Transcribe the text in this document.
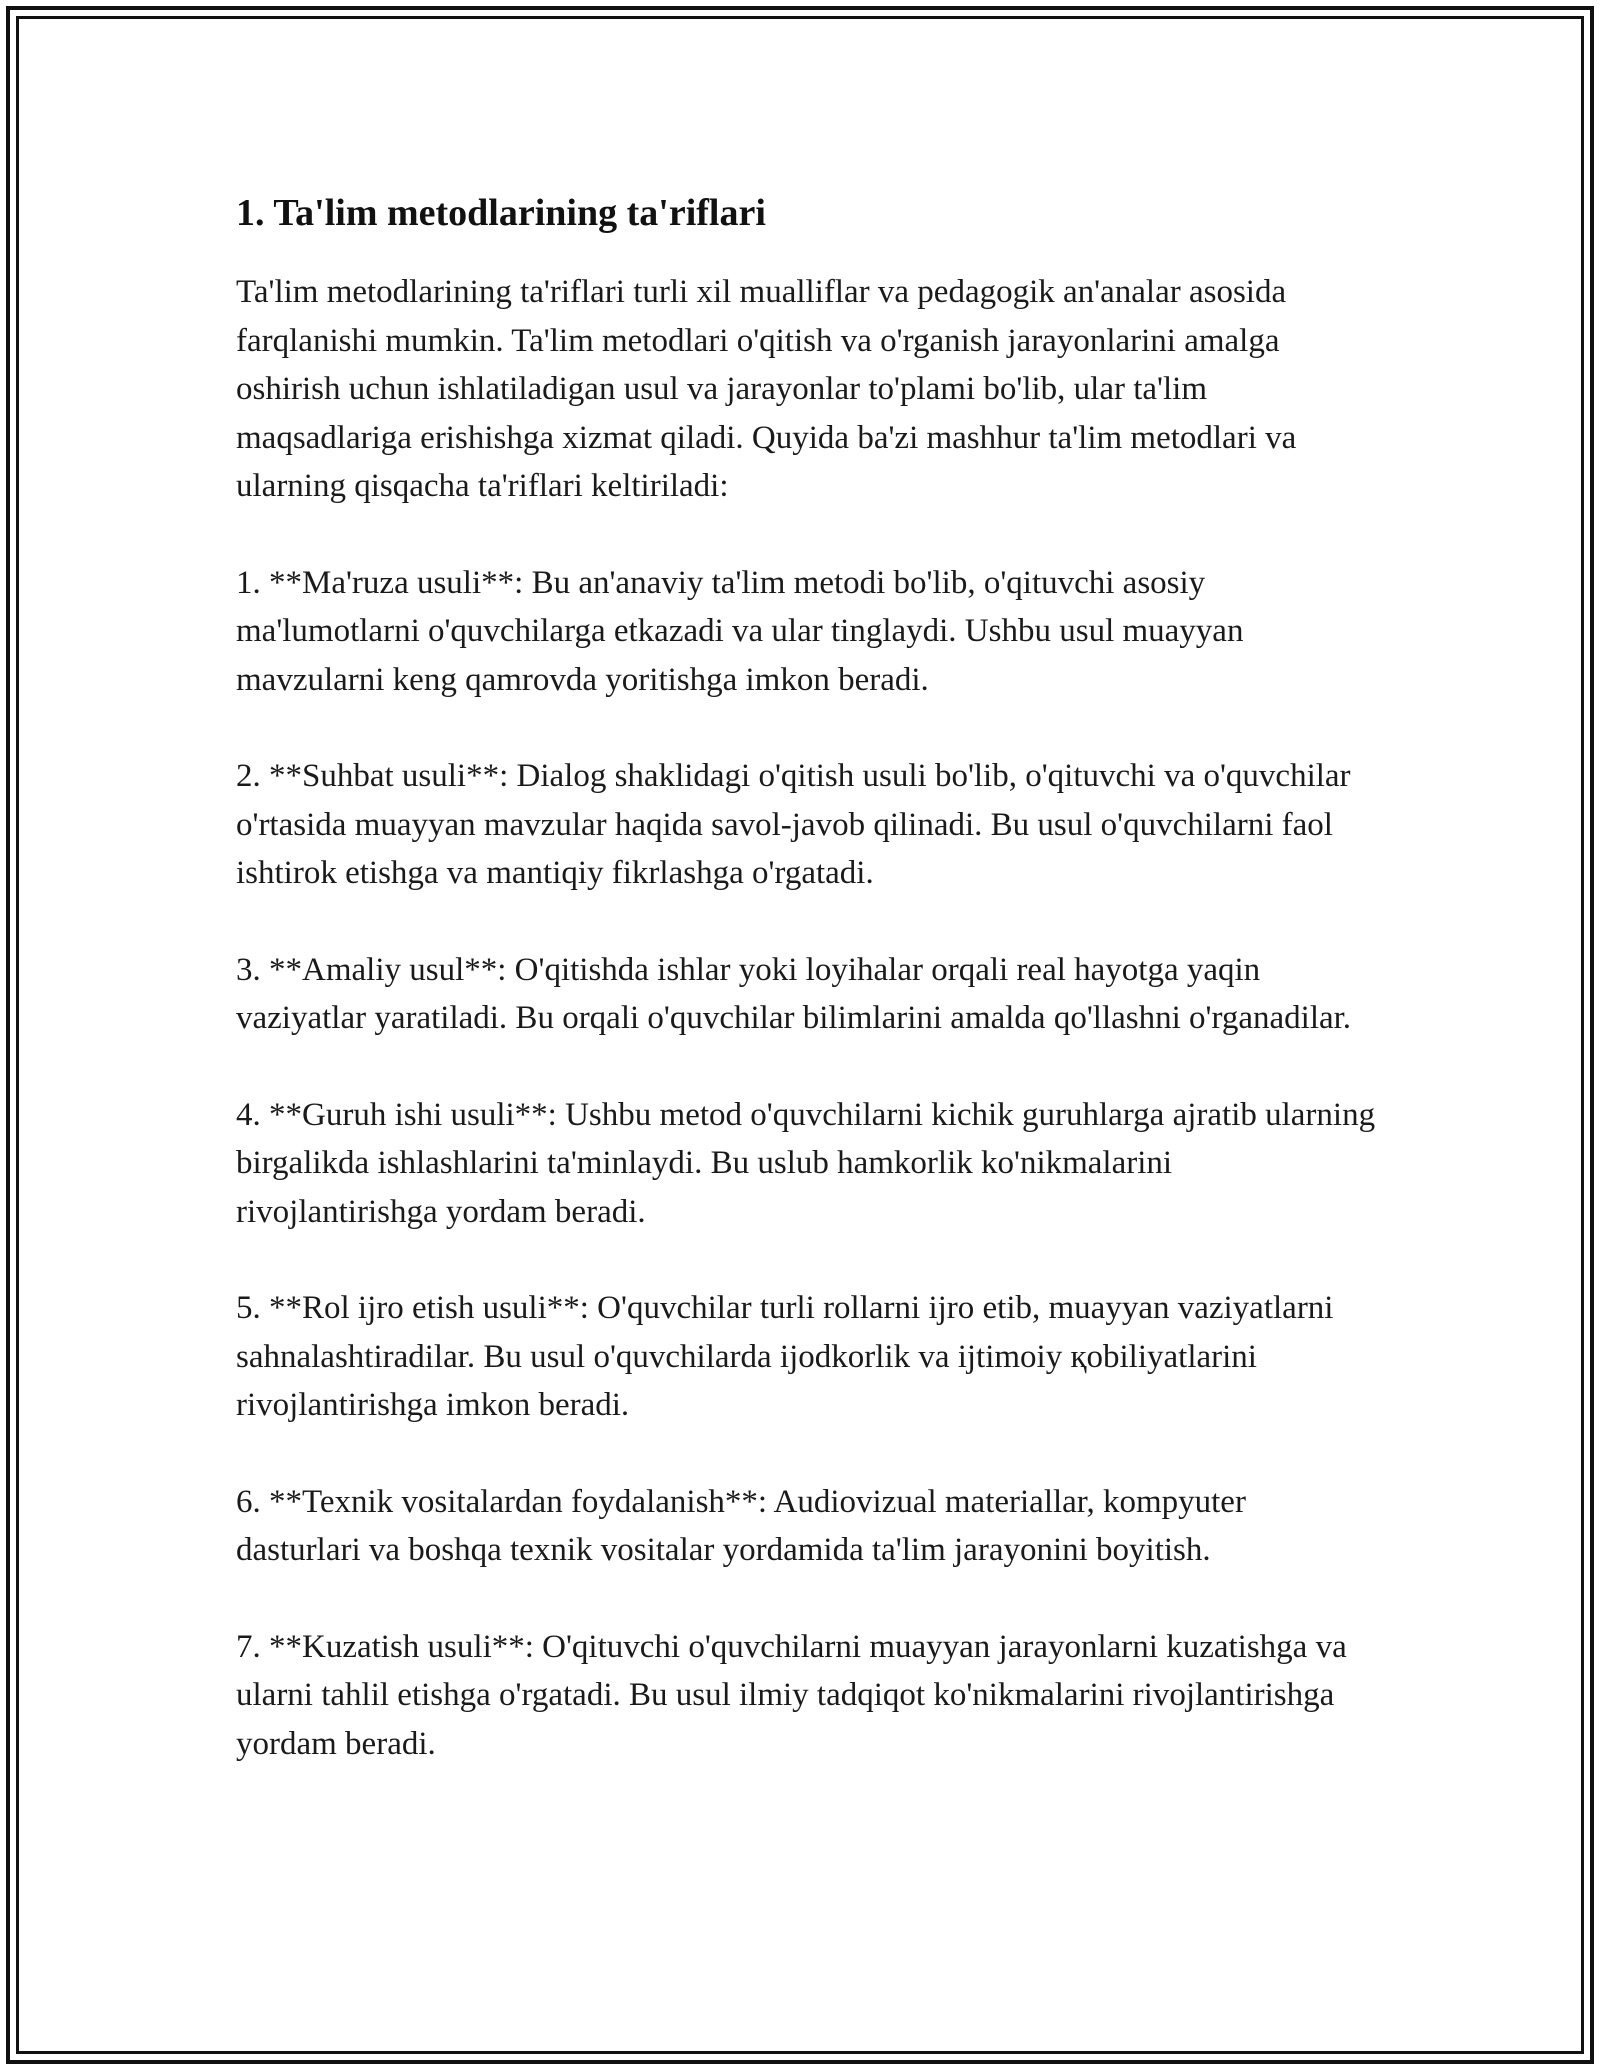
1. Ta'lim metodlarining ta'riflari

Ta'lim metodlarining ta'riflari turli xil mualliflar va pedagogik an'analar asosida farqlanishi mumkin. Ta'lim metodlari o'qitish va o'rganish jarayonlarini amalga oshirish uchun ishlatiladigan usul va jarayonlar to'plami bo'lib, ular ta'lim maqsadlariga erishishga xizmat qiladi. Quyida ba'zi mashhur ta'lim metodlari va ularning qisqacha ta'riflari keltiriladi:

1. **Ma'ruza usuli**: Bu an'anaviy ta'lim metodi bo'lib, o'qituvchi asosiy ma'lumotlarni o'quvchilarga etkazadi va ular tinglaydi. Ushbu usul muayyan mavzularni keng qamrovda yoritishga imkon beradi.

2. **Suhbat usuli**: Dialog shaklidagi o'qitish usuli bo'lib, o'qituvchi va o'quvchilar o'rtasida muayyan mavzular haqida savol-javob qilinadi. Bu usul o'quvchilarni faol ishtirok etishga va mantiqiy fikrlashga o'rgatadi.

3. **Amaliy usul**: O'qitishda ishlar yoki loyihalar orqali real hayotga yaqin vaziyatlar yaratiladi. Bu orqali o'quvchilar bilimlarini amalda qo'llashni o'rganadilar.

4. **Guruh ishi usuli**: Ushbu metod o'quvchilarni kichik guruhlarga ajratib ularning birgalikda ishlashlarini ta'minlaydi. Bu uslub hamkorlik ko'nikmalarini rivojlantirishga yordam beradi.

5. **Rol ijro etish usuli**: O'quvchilar turli rollarni ijro etib, muayyan vaziyatlarni sahnalashtiradilar. Bu usul o'quvchilarda ijodkorlik va ijtimoiy қobiliyatlarini rivojlantirishga imkon beradi.

6. **Texnik vositalardan foydalanish**: Audiovizual materiallar, kompyuter dasturlari va boshqa texnik vositalar yordamida ta'lim jarayonini boyitish.

7. **Kuzatish usuli**: O'qituvchi o'quvchilarni muayyan jarayonlarni kuzatishga va ularni tahlil etishga o'rgatadi. Bu usul ilmiy tadqiqot ko'nikmalarini rivojlantirishga yordam beradi.
